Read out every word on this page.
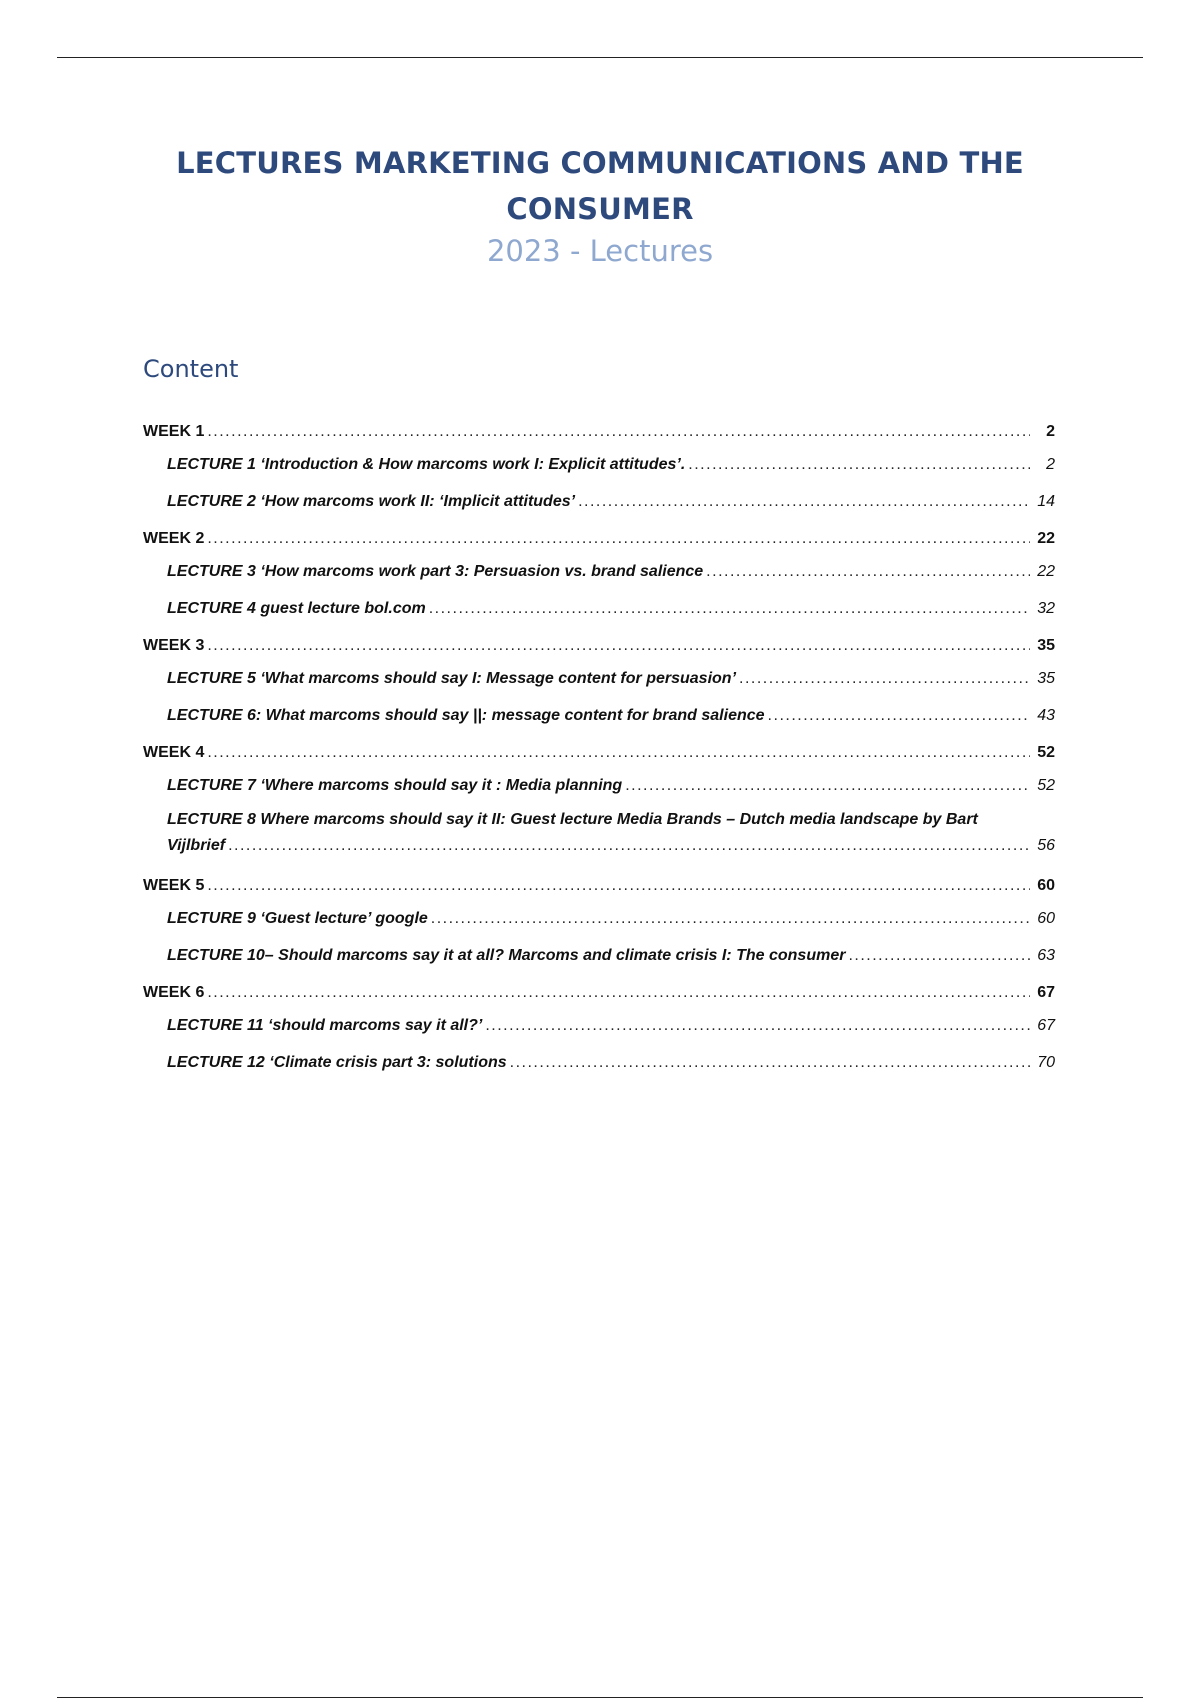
LECTURES MARKETING COMMUNICATIONS AND THE
CONSUMER
2023 - Lectures
Content
WEEK 1 .....	2
LECTURE 1 ‘Introduction & How marcoms work I: Explicit attitudes’. .....	2
LECTURE 2 ‘How marcoms work II: ‘Implicit attitudes’ .....	14
WEEK 2 .....	22
LECTURE 3 ‘How marcoms work part 3: Persuasion vs. brand salience .....	22
LECTURE 4 guest lecture bol.com .....	32
WEEK 3 .....	35
LECTURE 5 ‘What marcoms should say I: Message content for persuasion’ .....	35
LECTURE 6: What marcoms should say ||: message content for brand salience .....	43
WEEK 4 .....	52
LECTURE 7 ‘Where marcoms should say it : Media planning .....	52
LECTURE 8 Where marcoms should say it II: Guest lecture Media Brands – Dutch media landscape by Bart
Vijlbrief .....	56
WEEK 5 .....	60
LECTURE 9 ‘Guest lecture’ google .....	60
LECTURE 10– Should marcoms say it at all? Marcoms and climate crisis I: The consumer .....	63
WEEK 6 .....	67
LECTURE 11 ‘should marcoms say it all?’ .....	67
LECTURE 12 ‘Climate crisis part 3: solutions .....	70
